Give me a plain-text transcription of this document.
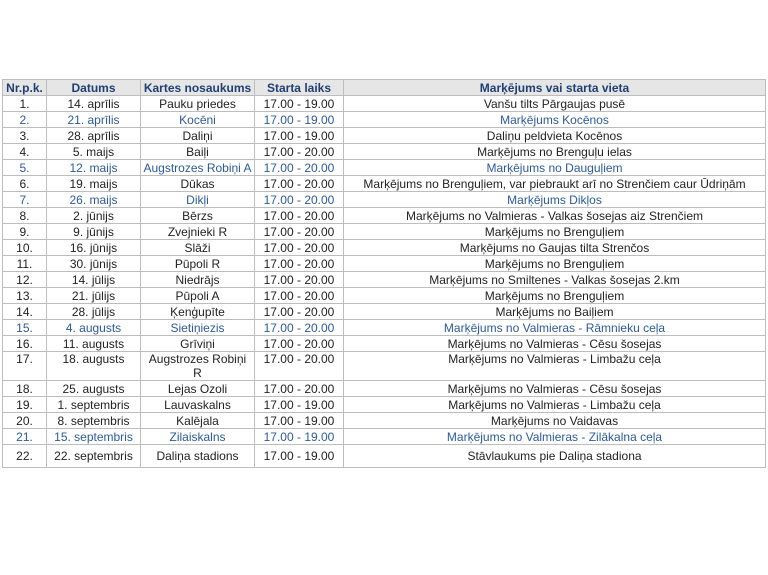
Nr.p.k.	Datums	Kartes nosaukums	Starta laiks	Marķējums vai starta vieta
1.	14. aprīlis	Pauku priedes	17.00 - 19.00	Vanšu tilts Pārgaujas pusē
2.	21. aprīlis	Kocēni	17.00 - 19.00	Marķējums Kocēnos
3.	28. aprīlis	Daliņi	17.00 - 19.00	Daliņu peldvieta Kocēnos
4.	5. maijs	Baiļi	17.00 - 20.00	Marķējums no Brenguļu ielas
5.	12. maijs	Augstrozes Robiņi A	17.00 - 20.00	Marķējums no Dauguļiem
6.	19. maijs	Dūkas	17.00 - 20.00	Marķējums no Brenguļiem, var piebraukt arī no Strenčiem caur Ūdriņām
7.	26. maijs	Dikļi	17.00 - 20.00	Marķējums Dikļos
8.	2. jūnijs	Bērzs	17.00 - 20.00	Marķējums no Valmieras - Valkas šosejas aiz Strenčiem
9.	9. jūnijs	Zvejnieki R	17.00 - 20.00	Marķējums no Brenguļiem
10.	16. jūnijs	Slāži	17.00 - 20.00	Marķējums no Gaujas tilta Strenčos
11.	30. jūnijs	Pūpoli R	17.00 - 20.00	Marķējums no Brenguļiem
12.	14. jūlijs	Niedrājs	17.00 - 20.00	Marķējums no Smiltenes - Valkas šosejas 2.km
13.	21. jūlijs	Pūpoli A	17.00 - 20.00	Marķējums no Brenguļiem
14.	28. jūlijs	Ķenģupīte	17.00 - 20.00	Marķējums no Baiļiem
15.	4. augusts	Sietiņiezis	17.00 - 20.00	Marķējums no Valmieras - Rāmnieku ceļa
16.	11. augusts	Grīviņi	17.00 - 20.00	Marķējums no Valmieras - Cēsu šosejas
17.	18. augusts	Augstrozes Robiņi R	17.00 - 20.00	Marķējums no Valmieras - Limbažu ceļa
18.	25. augusts	Lejas Ozoli	17.00 - 20.00	Marķējums no Valmieras - Cēsu šosejas
19.	1. septembris	Lauvaskalns	17.00 - 19.00	Marķējums no Valmieras - Limbažu ceļa
20.	8. septembris	Kalējala	17.00 - 19.00	Marķējums no Vaidavas
21.	15. septembris	Zilaiskalns	17.00 - 19.00	Marķējums no Valmieras - Zilākalna ceļa
22.	22. septembris	Daliņa stadions	17.00 - 19.00	Stāvlaukums pie Daliņa stadiona
